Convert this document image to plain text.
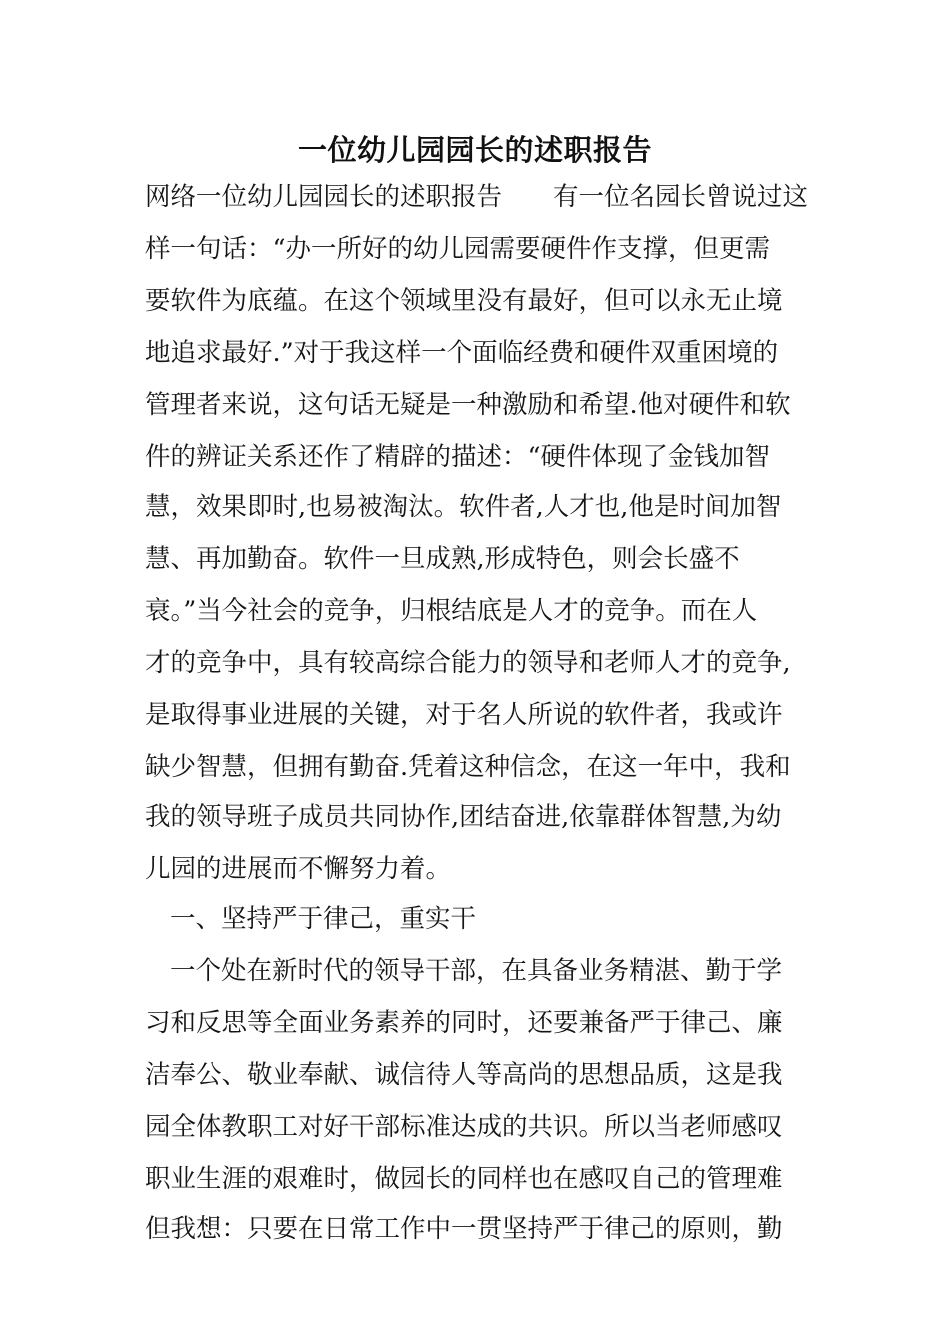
一位幼儿园园长的述职报告
网络一位幼儿园园长的述职报告　　有一位名园长曾说过这
样一句话：“办一所好的幼儿园需要硬件作支撑，但更需
要软件为底蕴。在这个领域里没有最好，但可以永无止境
地追求最好.”对于我这样一个面临经费和硬件双重困境的
管理者来说，这句话无疑是一种激励和希望.他对硬件和软
件的辨证关系还作了精辟的描述：“硬件体现了金钱加智
慧，效果即时,也易被淘汰。软件者,人才也,他是时间加智
慧、再加勤奋。软件一旦成熟,形成特色，则会长盛不
衰。”当今社会的竞争，归根结底是人才的竞争。而在人
才的竞争中，具有较高综合能力的领导和老师人才的竞争,
是取得事业进展的关键，对于名人所说的软件者，我或许
缺少智慧，但拥有勤奋.凭着这种信念，在这一年中，我和
我的领导班子成员共同协作,团结奋进,依靠群体智慧,为幼
儿园的进展而不懈努力着。
一、坚持严于律己，重实干
一个处在新时代的领导干部，在具备业务精湛、勤于学
习和反思等全面业务素养的同时，还要兼备严于律己、廉
洁奉公、敬业奉献、诚信待人等高尚的思想品质，这是我
园全体教职工对好干部标准达成的共识。所以当老师感叹
职业生涯的艰难时，做园长的同样也在感叹自己的管理难
但我想：只要在日常工作中一贯坚持严于律己的原则，勤
